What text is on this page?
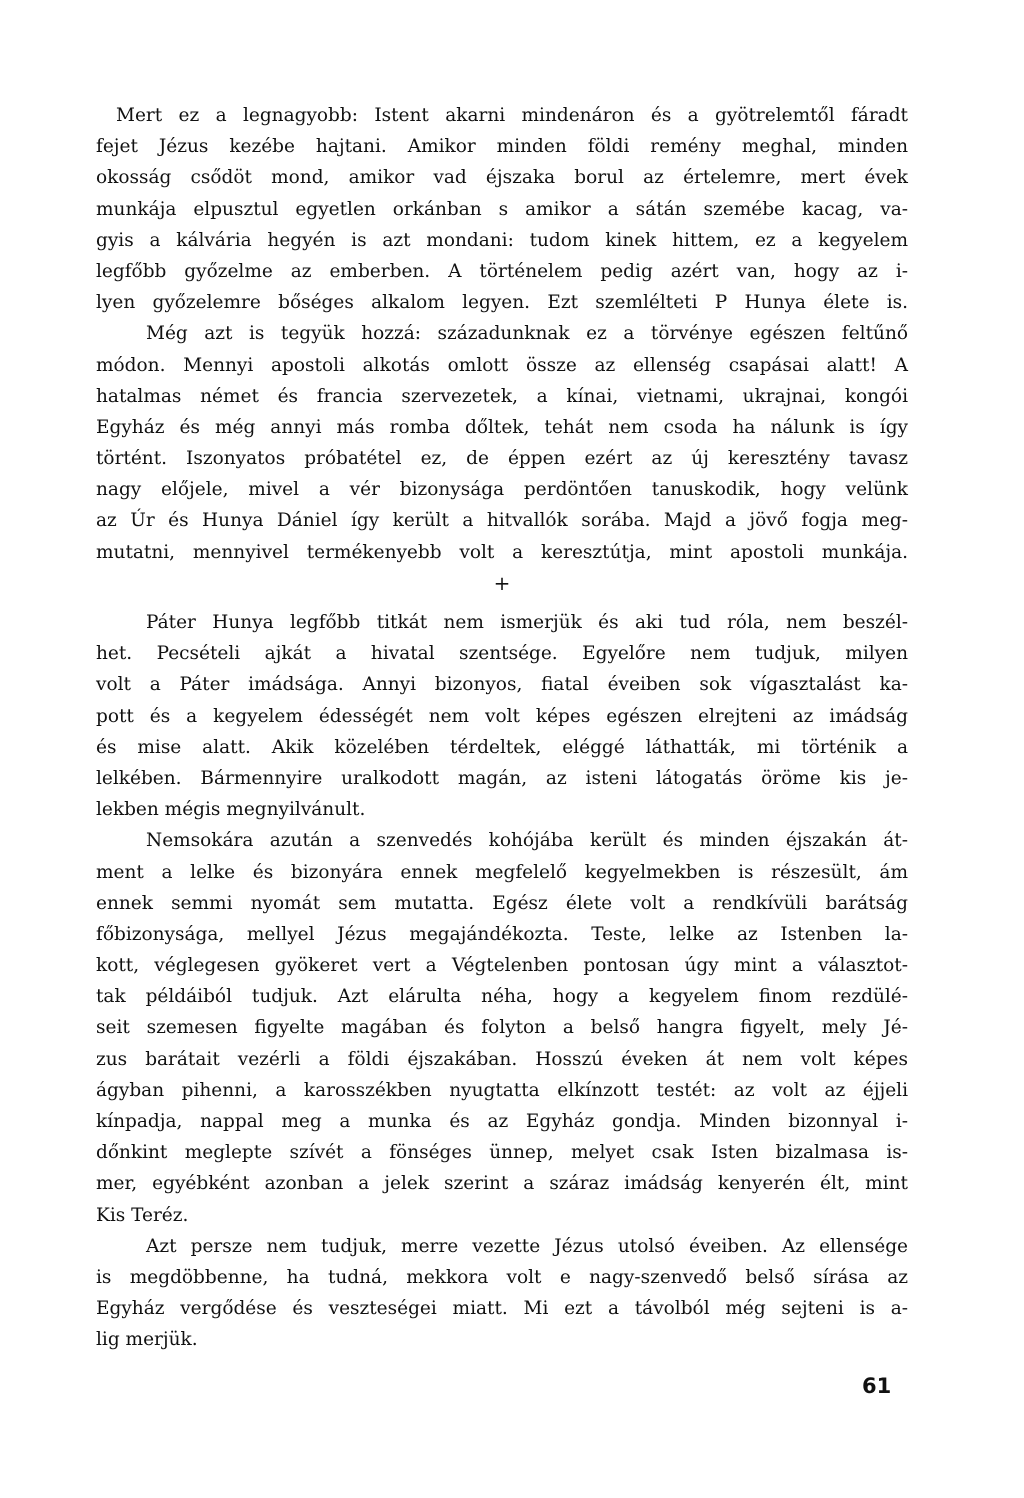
Mert ez a legnagyobb: Istent akarni mindenáron és a gyötrelemtől fáradt
fejet Jézus kezébe hajtani. Amikor minden földi remény meghal, minden
okosság csődöt mond, amikor vad éjszaka borul az értelemre, mert évek
munkája elpusztul egyetlen orkánban s amikor a sátán szemébe kacag, va-
gyis a kálvária hegyén is azt mondani: tudom kinek hittem, ez a kegyelem
legfőbb győzelme az emberben. A történelem pedig azért van, hogy az i-
lyen győzelemre bőséges alkalom legyen. Ezt szemlélteti P Hunya élete is.
Még azt is tegyük hozzá: századunknak ez a törvénye egészen feltűnő
módon. Mennyi apostoli alkotás omlott össze az ellenség csapásai alatt! A
hatalmas német és francia szervezetek, a kínai, vietnami, ukrajnai, kongói
Egyház és még annyi más romba dőltek, tehát nem csoda ha nálunk is így
történt. Iszonyatos próbatétel ez, de éppen ezért az új keresztény tavasz
nagy előjele, mivel a vér bizonysága perdöntően tanuskodik, hogy velünk
az Úr és Hunya Dániel így került a hitvallók sorába. Majd a jövő fogja meg-
mutatni, mennyivel termékenyebb volt a keresztútja, mint apostoli munkája.
+
Páter Hunya legfőbb titkát nem ismerjük és aki tud róla, nem beszél-
het. Pecsételi ajkát a hivatal szentsége. Egyelőre nem tudjuk, milyen
volt a Páter imádsága. Annyi bizonyos, fiatal éveiben sok vígasztalást ka-
pott és a kegyelem édességét nem volt képes egészen elrejteni az imádság
és mise alatt. Akik közelében térdeltek, eléggé láthatták, mi történik a
lelkében. Bármennyire uralkodott magán, az isteni látogatás öröme kis je-
lekben mégis megnyilvánult.
Nemsokára azután a szenvedés kohójába került és minden éjszakán át-
ment a lelke és bizonyára ennek megfelelő kegyelmekben is részesült, ám
ennek semmi nyomát sem mutatta. Egész élete volt a rendkívüli barátság
főbizonysága, mellyel Jézus megajándékozta. Teste, lelke az Istenben la-
kott, véglegesen gyökeret vert a Végtelenben pontosan úgy mint a választot-
tak példáiból tudjuk. Azt elárulta néha, hogy a kegyelem finom rezdülé-
seit szemesen figyelte magában és folyton a belső hangra figyelt, mely Jé-
zus barátait vezérli a földi éjszakában. Hosszú éveken át nem volt képes
ágyban pihenni, a karosszékben nyugtatta elkínzott testét: az volt az éjjeli
kínpadja, nappal meg a munka és az Egyház gondja. Minden bizonnyal i-
dőnkint meglepte szívét a fönséges ünnep, melyet csak Isten bizalmasa is-
mer, egyébként azonban a jelek szerint a száraz imádság kenyerén élt, mint
Kis Teréz.
Azt persze nem tudjuk, merre vezette Jézus utolsó éveiben. Az ellensége
is megdöbbenne, ha tudná, mekkora volt e nagy-szenvedő belső sírása az
Egyház vergődése és veszteségei miatt. Mi ezt a távolból még sejteni is a-
lig merjük.
61
